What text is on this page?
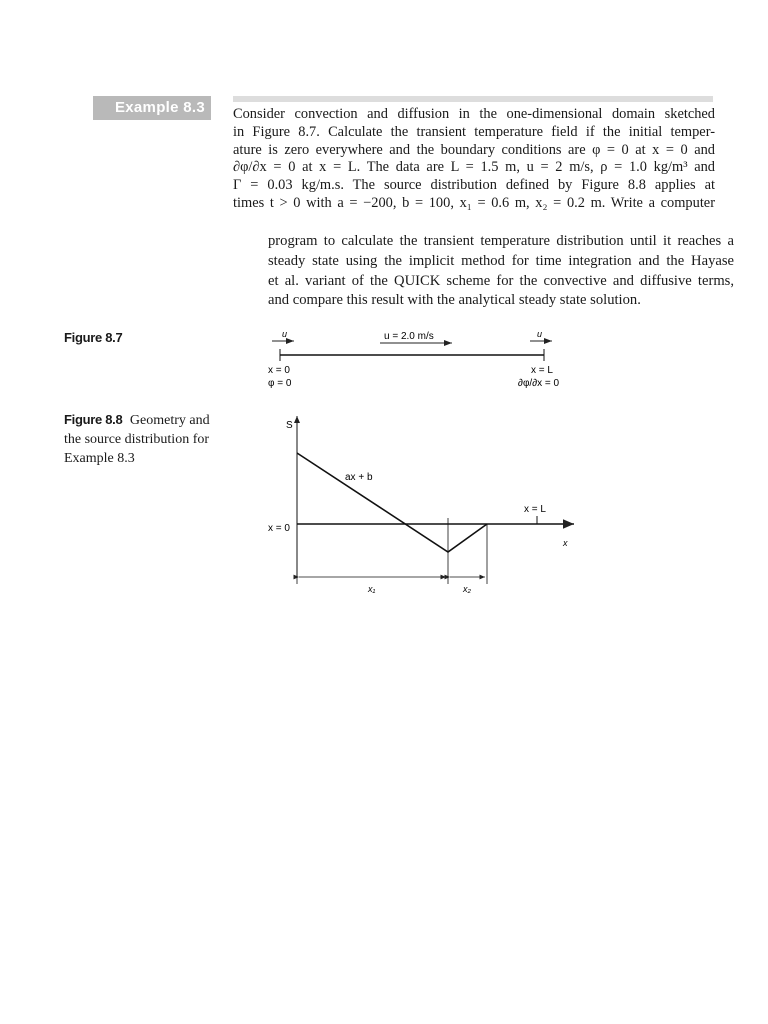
Example 8.3	Consider convection and diffusion in the one-dimensional domain sketched
in Figure 8.7. Calculate the transient temperature field if the initial temper-
ature is zero everywhere and the boundary conditions are φ = 0 at x = 0 and
∂φ/∂x = 0 at x = L. The data are L = 1.5 m, u = 2 m/s, ρ = 1.0 kg/m³ and
Γ = 0.03 kg/m.s. The source distribution defined by Figure 8.8 applies at
times t > 0 with a = −200, b = 100, x₁ = 0.6 m, x₂ = 0.2 m. Write a computer
program to calculate the transient temperature distribution until it reaches a
steady state using the implicit method for time integration and the Hayase
et al. variant of the QUICK scheme for the convective and diffusive terms,
and compare this result with the analytical steady state solution.
Figure 8.7	u	u = 2.0 m/s	u
x = 0
φ = 0
x = L
∂φ/∂x = 0
Figure 8.8 Geometry and the source distribution for Example 8.3
S
x
x = 0
ax + b
x = L
x₁	x₂
